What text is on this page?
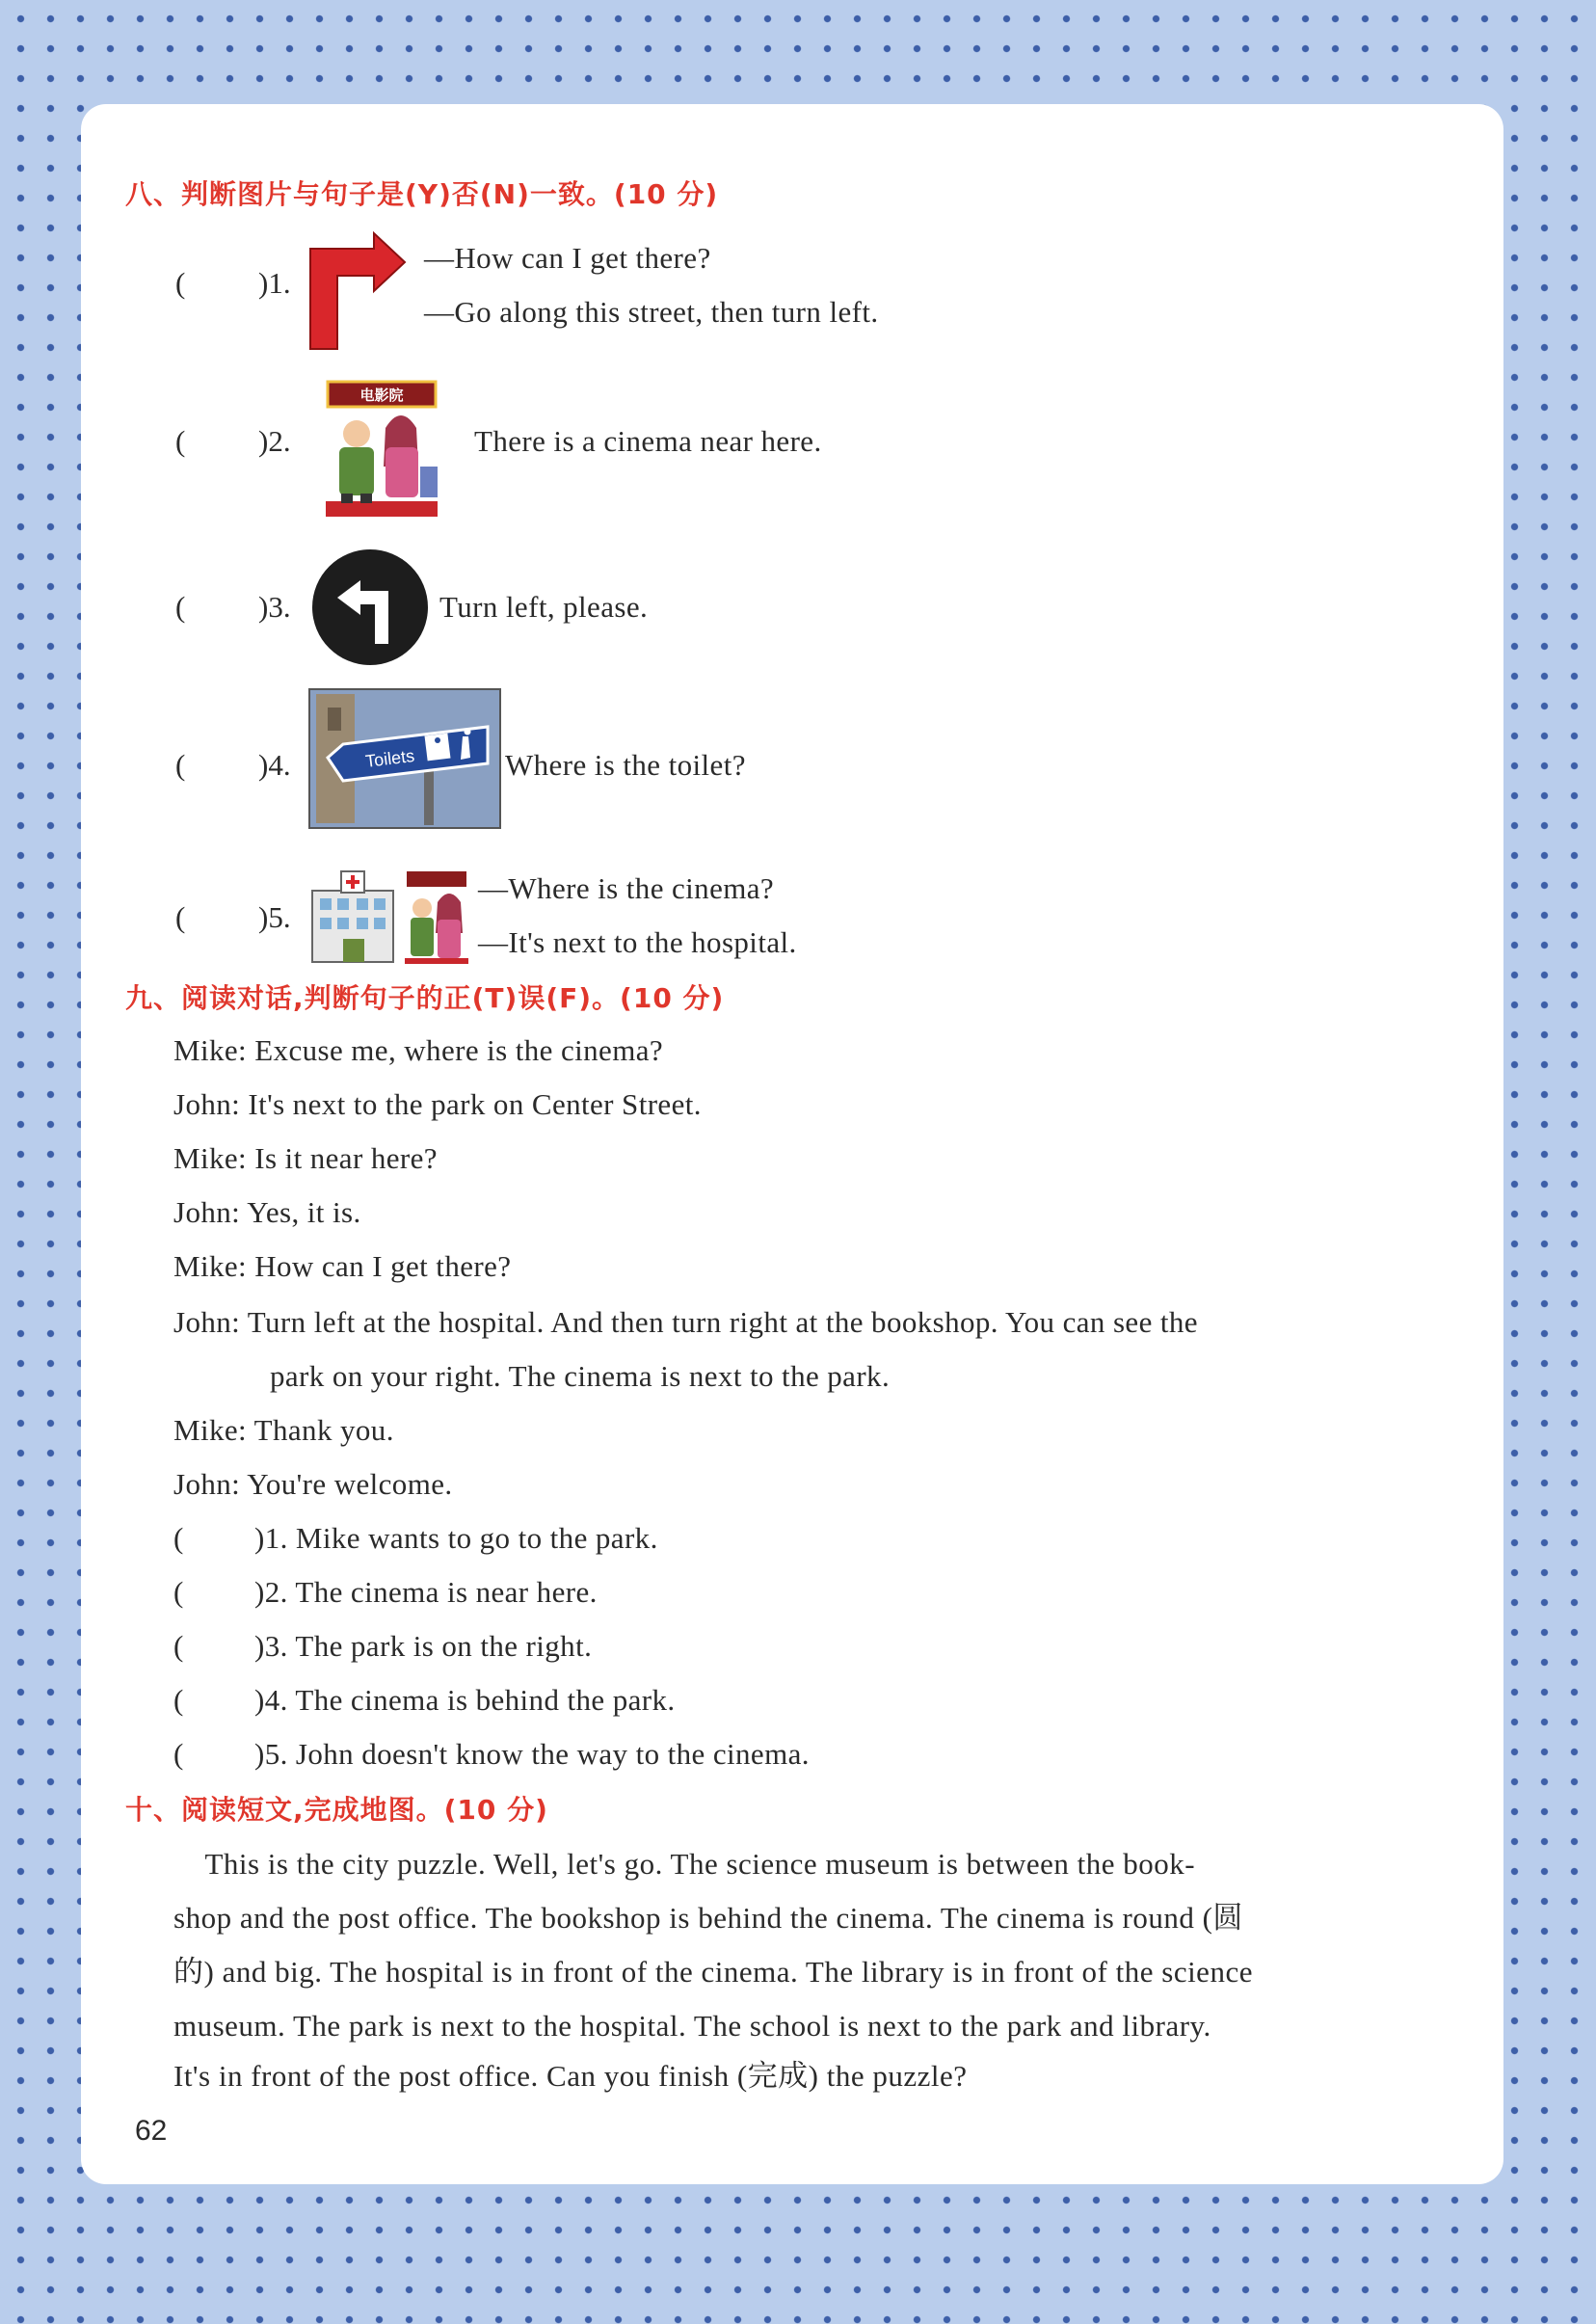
八、判断图片与句子是(Y)否(N)一致。(10 分)
( )1.
—How can I get there?
—Go along this street, then turn left.
( )2.
电影院
There is a cinema near here.
( )3.	Turn left, please.
( )4.	Toilets	Where is the toilet?
( )5.
—Where is the cinema?
—It's next to the hospital.
九、阅读对话,判断句子的正(T)误(F)。(10 分)
Mike: Excuse me, where is the cinema?
John: It's next to the park on Center Street.
Mike: Is it near here?
John: Yes, it is.
Mike: How can I get there?
John: Turn left at the hospital. And then turn right at the bookshop. You can see the
park on your right. The cinema is next to the park.
Mike: Thank you.
John: You're welcome.
( )1. Mike wants to go to the park.
( )2. The cinema is near here.
( )3. The park is on the right.
( )4. The cinema is behind the park.
( )5. John doesn't know the way to the cinema.
十、阅读短文,完成地图。(10 分)
This is the city puzzle. Well, let's go. The science museum is between the book-
shop and the post office. The bookshop is behind the cinema. The cinema is round (圆
的) and big. The hospital is in front of the cinema. The library is in front of the science
museum. The park is next to the hospital. The school is next to the park and library.
It's in front of the post office. Can you finish (完成) the puzzle?
62
